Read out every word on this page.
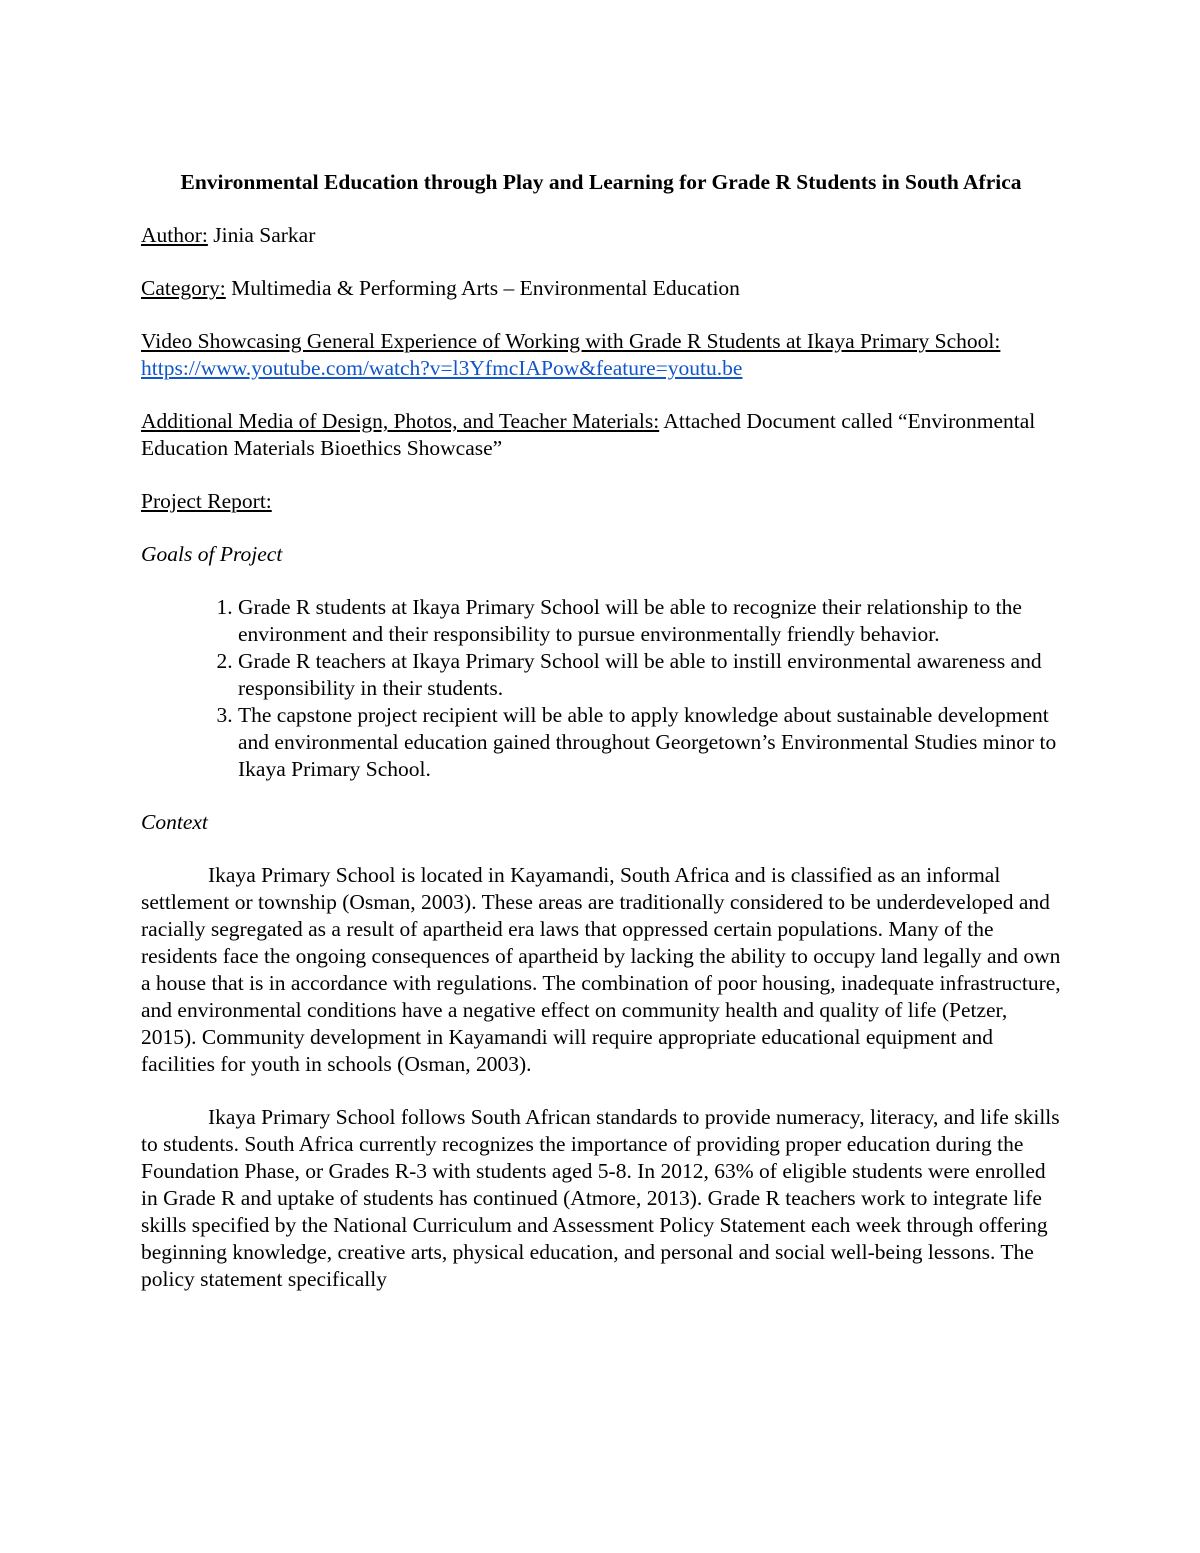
Environmental Education through Play and Learning for Grade R Students in South Africa
Author: Jinia Sarkar
Category: Multimedia & Performing Arts – Environmental Education
Video Showcasing General Experience of Working with Grade R Students at Ikaya Primary School: https://www.youtube.com/watch?v=l3YfmcIAPow&feature=youtu.be
Additional Media of Design, Photos, and Teacher Materials: Attached Document called “Environmental Education Materials Bioethics Showcase”
Project Report:
Goals of Project
1. Grade R students at Ikaya Primary School will be able to recognize their relationship to the environment and their responsibility to pursue environmentally friendly behavior.
2. Grade R teachers at Ikaya Primary School will be able to instill environmental awareness and responsibility in their students.
3. The capstone project recipient will be able to apply knowledge about sustainable development and environmental education gained throughout Georgetown’s Environmental Studies minor to Ikaya Primary School.
Context
Ikaya Primary School is located in Kayamandi, South Africa and is classified as an informal settlement or township (Osman, 2003). These areas are traditionally considered to be underdeveloped and racially segregated as a result of apartheid era laws that oppressed certain populations. Many of the residents face the ongoing consequences of apartheid by lacking the ability to occupy land legally and own a house that is in accordance with regulations. The combination of poor housing, inadequate infrastructure, and environmental conditions have a negative effect on community health and quality of life (Petzer, 2015). Community development in Kayamandi will require appropriate educational equipment and facilities for youth in schools (Osman, 2003).
Ikaya Primary School follows South African standards to provide numeracy, literacy, and life skills to students. South Africa currently recognizes the importance of providing proper education during the Foundation Phase, or Grades R-3 with students aged 5-8. In 2012, 63% of eligible students were enrolled in Grade R and uptake of students has continued (Atmore, 2013). Grade R teachers work to integrate life skills specified by the National Curriculum and Assessment Policy Statement each week through offering beginning knowledge, creative arts, physical education, and personal and social well-being lessons. The policy statement specifically
